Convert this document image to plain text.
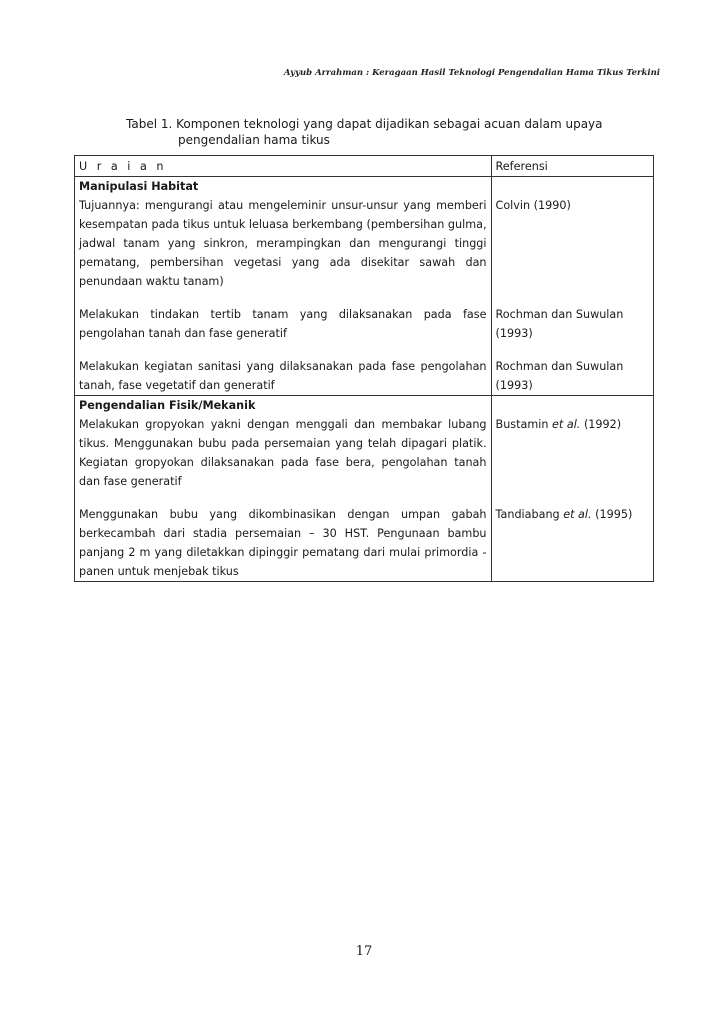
Ayyub Arrahman : Keragaan Hasil Teknologi Pengendalian Hama Tikus Terkini
Tabel 1. Komponen teknologi yang dapat dijadikan sebagai acuan dalam upaya
pengendalian hama tikus
U r a i a n	Referensi
Manipulasi Habitat	
Tujuannya: mengurangi atau mengeleminir unsur-unsur yang memberi kesempatan pada tikus untuk leluasa berkembang (pembersihan gulma, jadwal tanam yang sinkron, merampingkan dan mengurangi tinggi pematang, pembersihan vegetasi yang ada disekitar sawah dan penundaan waktu tanam)	Colvin (1990)

Melakukan tindakan tertib tanam yang dilaksanakan pada fase pengolahan tanah dan fase generatif	Rochman dan Suwulan (1993)

Melakukan kegiatan sanitasi yang dilaksanakan pada fase pengolahan tanah, fase vegetatif dan generatif	Rochman dan Suwulan (1993)
Pengendalian Fisik/Mekanik	
Melakukan gropyokan yakni dengan menggali dan membakar lubang tikus. Menggunakan bubu pada persemaian yang telah dipagari platik. Kegiatan gropyokan dilaksanakan pada fase bera, pengolahan tanah dan fase generatif	Bustamin et al. (1992)

Menggunakan bubu yang dikombinasikan dengan umpan gabah berkecambah dari stadia persemaian – 30 HST. Pengunaan bambu panjang 2 m yang diletakkan dipinggir pematang dari mulai primordia - panen untuk menjebak tikus	Tandiabang et al. (1995)
17
